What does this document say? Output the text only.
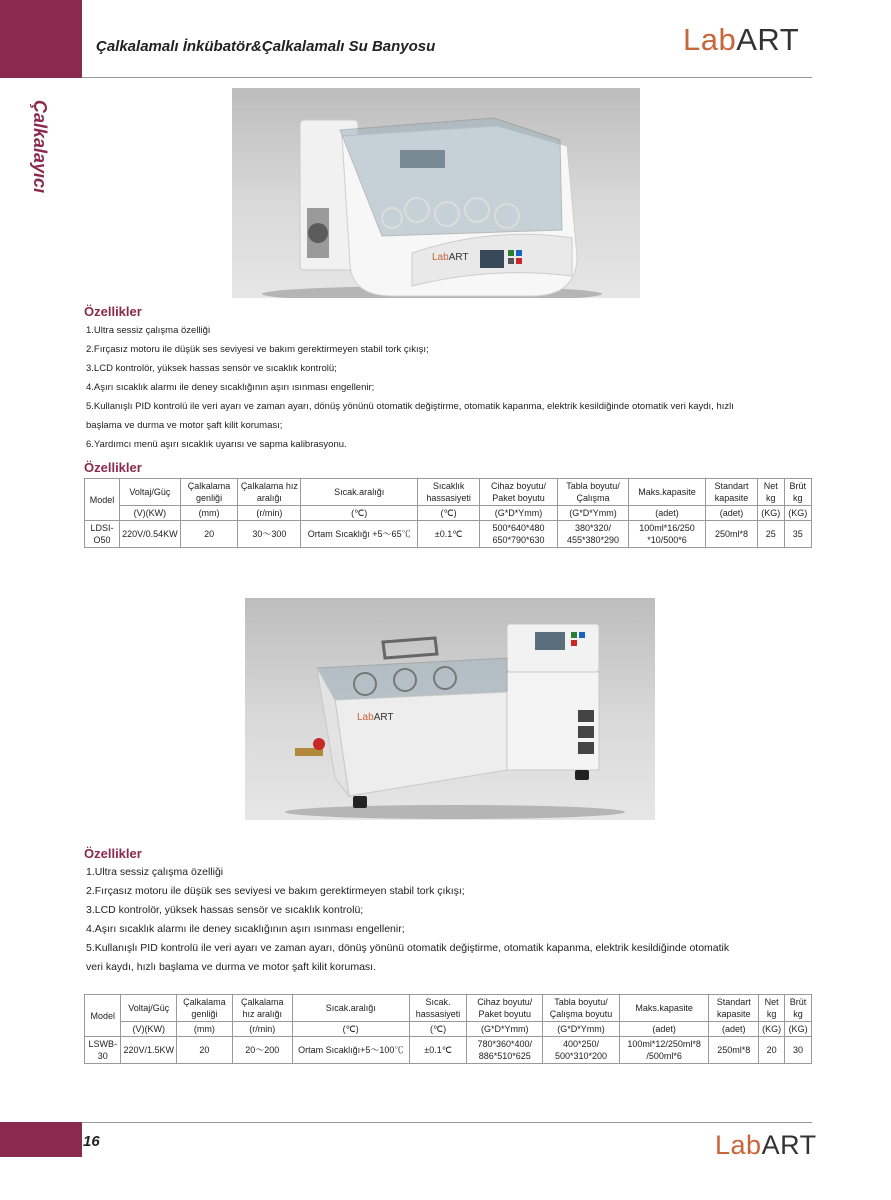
Çalkalamalı İnkübatör&Çalkalamalı Su Banyosu	LabART
Çalkalayıcı
LabART
Özellikler
1.Ultra sessiz çalışma özelliği
2.Fırçasız motoru ile düşük ses seviyesi ve bakım gerektirmeyen stabil tork çıkışı;
3.LCD kontrolör, yüksek hassas sensör ve sıcaklık kontrolü;
4.Aşırı sıcaklık alarmı ile deney sıcaklığının aşırı ısınması engellenir;
5.Kullanışlı PID kontrolü ile veri ayarı ve zaman ayarı, dönüş yönünü otomatik değiştirme, otomatik kapanma, elektrik kesildiğinde otomatik veri kaydı, hızlı
başlama ve durma ve motor şaft kilit koruması;
6.Yardımcı menü aşırı sıcaklık uyarısı ve sapma kalibrasyonu.
Özellikler
Model	Voltaj/Güç	Çalkalama genliği	Çalkalama hız aralığı	Sıcak.aralığı	Sıcaklık hassasiyeti	Cihaz boyutu/ Paket boyutu	Tabla boyutu/ Çalışma	Maks.kapasite	Standart kapasite	Net kg	Brüt kg
	(V)(KW)	(mm)	(r/min)	(℃)	(℃)	(G*D*Ymm)	(G*D*Ymm)	(adet)	(adet)	(KG)	(KG)
LDSI-O50	220V/0.54KW	20	30～300	Ortam Sıcaklığı +5～65℃	±0.1℃	500*640*480 650*790*630	380*320/ 455*380*290	100ml*16/250 *10/500*6	250ml*8	25	35
LabART
Özellikler
1.Ultra sessiz çalışma özelliği
2.Fırçasız motoru ile düşük ses seviyesi ve bakım gerektirmeyen stabil tork çıkışı;
3.LCD kontrolör, yüksek hassas sensör ve sıcaklık kontrolü;
4.Aşırı sıcaklık alarmı ile deney sıcaklığının aşırı ısınması engellenir;
5.Kullanışlı PID kontrolü ile veri ayarı ve zaman ayarı, dönüş yönünü otomatik değiştirme, otomatik kapanma, elektrik kesildiğinde otomatik
veri kaydı, hızlı başlama ve durma ve motor şaft kilit koruması.
Model	Voltaj/Güç	Çalkalama genliği	Çalkalama hız aralığı	Sıcak.aralığı	Sıcak. hassasiyeti	Cihaz boyutu/ Paket boyutu	Tabla boyutu/ Çalışma boyutu	Maks.kapasite	Standart kapasite	Net kg	Brüt kg
	(V)(KW)	(mm)	(r/min)	(℃)	(℃)	(G*D*Ymm)	(G*D*Ymm)	(adet)	(adet)	(KG)	(KG)
LSWB-30	220V/1.5KW	20	20～200	Ortam Sıcaklığı+5～100℃	±0.1℃	780*360*400/ 886*510*625	400*250/ 500*310*200	100ml*12/250ml*8 /500ml*6	250ml*8	20	30
16	LabART
